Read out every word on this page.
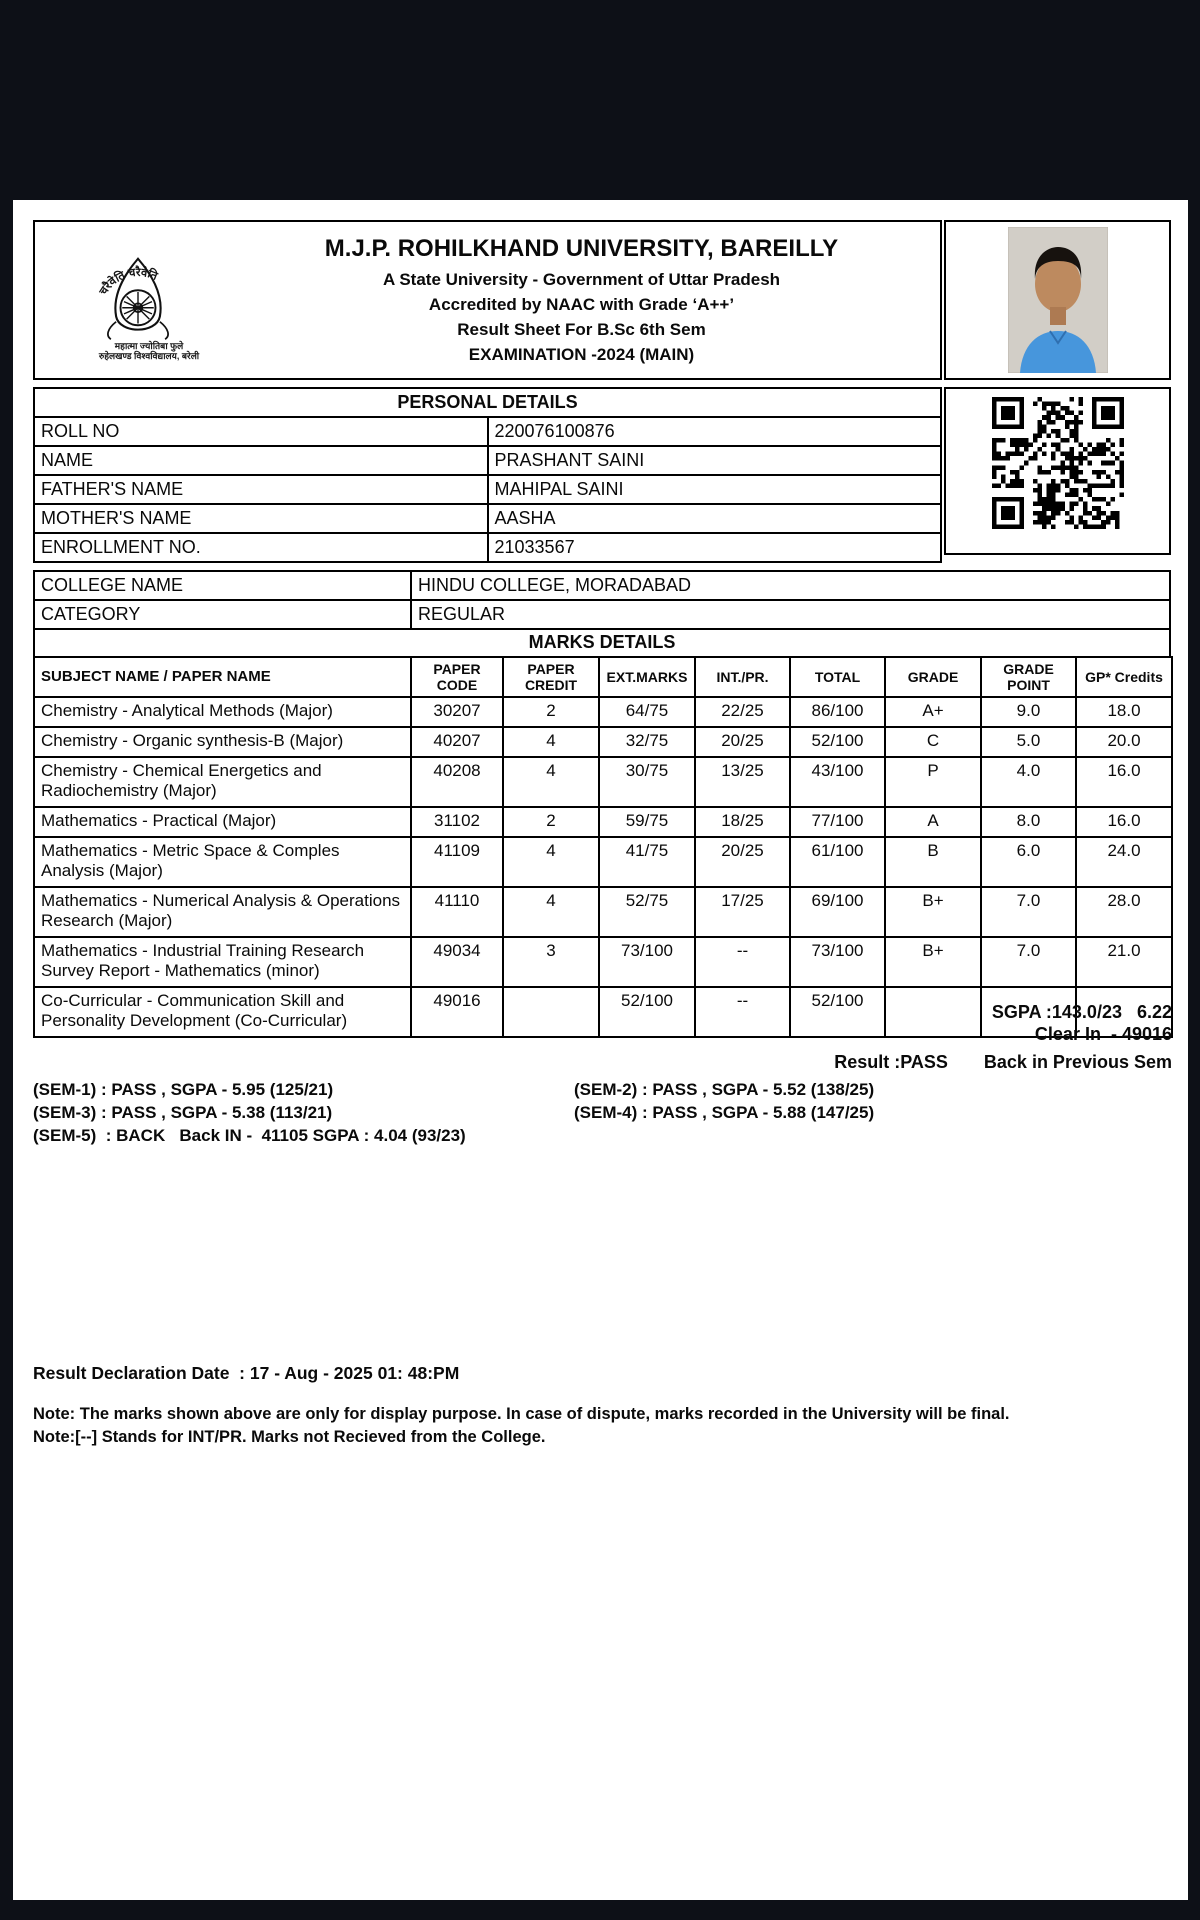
चरैवेति चरैवेति
महात्मा ज्योतिबा फुले
रुहेलखण्ड विश्वविद्यालय, बरेली
M.J.P. ROHILKHAND UNIVERSITY, BAREILLY
A State University - Government of Uttar Pradesh
Accredited by NAAC with Grade ‘A++’
Result Sheet For B.Sc 6th Sem
EXAMINATION -2024 (MAIN)
PERSONAL DETAILS	
ROLL NO	220076100876
NAME	PRASHANT SAINI
FATHER'S NAME	MAHIPAL SAINI
MOTHER'S NAME	AASHA
ENROLLMENT NO.	21033567
COLLEGE NAME	HINDU COLLEGE, MORADABAD
CATEGORY	REGULAR
MARKS DETAILS
SUBJECT NAME / PAPER NAME	PAPER CODE	PAPER CREDIT	EXT.MARKS	INT./PR.	TOTAL	GRADE	GRADE POINT	GP* Credits
Chemistry - Analytical Methods (Major)	30207	2	64/75	22/25	86/100	A+	9.0	18.0
Chemistry - Organic synthesis-B (Major)	40207	4	32/75	20/25	52/100	C	5.0	20.0
Chemistry - Chemical Energetics and Radiochemistry (Major)	40208	4	30/75	13/25	43/100	P	4.0	16.0
Mathematics - Practical (Major)	31102	2	59/75	18/25	77/100	A	8.0	16.0
Mathematics - Metric Space & Comples Analysis (Major)	41109	4	41/75	20/25	61/100	B	6.0	24.0
Mathematics - Numerical Analysis & Operations Research (Major)	41110	4	52/75	17/25	69/100	B+	7.0	28.0
Mathematics - Industrial Training Research Survey Report - Mathematics (minor)	49034	3	73/100	--	73/100	B+	7.0	21.0
Co-Curricular - Communication Skill and Personality Development (Co-Curricular)	49016		52/100	--	52/100			
SGPA :143.0/23   6.22
Clear In  - 49016
Result :PASS Back in Previous Sem
(SEM-1) : PASS , SGPA - 5.95 (125/21)
(SEM-3) : PASS , SGPA - 5.38 (113/21)
(SEM-5)  : BACK   Back IN -  41105 SGPA : 4.04 (93/23)
(SEM-2) : PASS , SGPA - 5.52 (138/25)
(SEM-4) : PASS , SGPA - 5.88 (147/25)
Result Declaration Date  : 17 - Aug - 2025 01: 48:PM
Note: The marks shown above are only for display purpose. In case of dispute, marks recorded in the University will be final.
Note:[--] Stands for INT/PR. Marks not Recieved from the College.
